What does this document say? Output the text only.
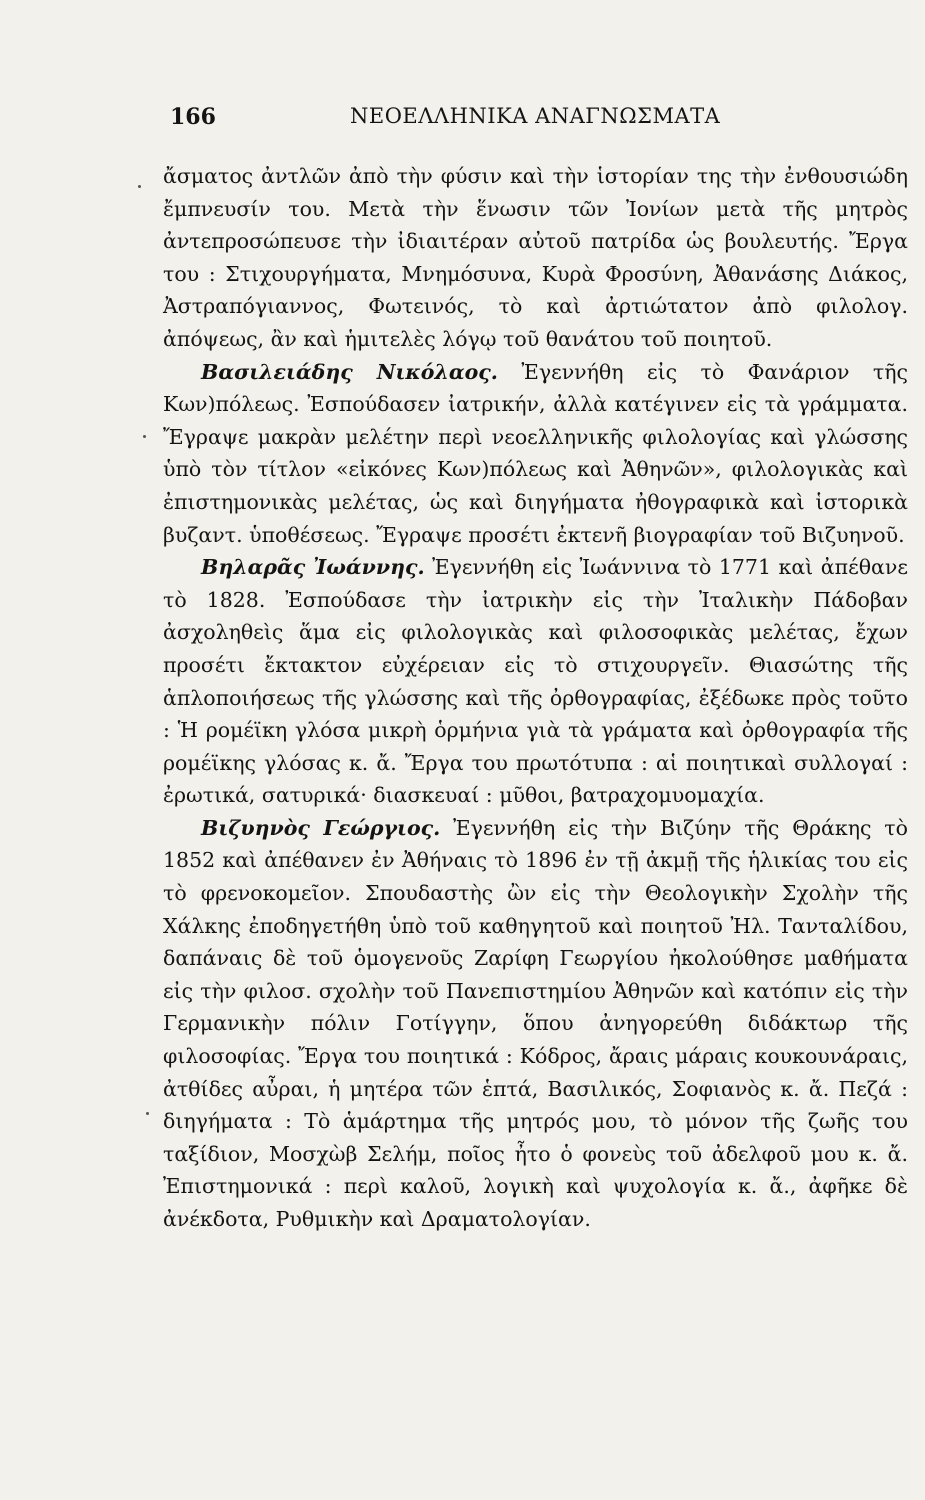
166	ΝΕΟΕΛΛΗΝΙΚΑ ΑΝΑΓΝΩΣΜΑΤΑ

ἄσματος ἀντλῶν ἀπὸ τὴν φύσιν καὶ τὴν ἱστορίαν της τὴν ἐνθουσιώδη ἔμπνευσίν του. Μετὰ τὴν ἕνωσιν τῶν Ἰονίων μετὰ τῆς μητρὸς ἀντεπροσώπευσε τὴν ἰδιαιτέραν αὐτοῦ πατρίδα ὡς βουλευτής. Ἔργα του : Στιχουργήματα, Μνημόσυνα, Κυρὰ Φροσύνη, Ἀθανάσης Διάκος, Ἀστραπόγιαννος, Φωτεινός, τὸ καὶ ἀρτιώτατον ἀπὸ φιλολογ. ἀπόψεως, ἂν καὶ ἡμιτελὲς λόγῳ τοῦ θανάτου τοῦ ποιητοῦ.

Βασιλειάδης Νικόλαος. Ἐγεννήθη εἰς τὸ Φανάριον τῆς Κων)πόλεως. Ἐσπούδασεν ἰατρικήν, ἀλλὰ κατέγινεν εἰς τὰ γράμματα. Ἔγραψε μακρὰν μελέτην περὶ νεοελληνικῆς φιλολογίας καὶ γλώσσης ὑπὸ τὸν τίτλον «εἰκόνες Κων)πόλεως καὶ Ἀθηνῶν», φιλολογικὰς καὶ ἐπιστημονικὰς μελέτας, ὡς καὶ διηγήματα ἠθογραφικὰ καὶ ἱστορικὰ βυζαντ. ὑποθέσεως. Ἔγραψε προσέτι ἐκτενῆ βιογραφίαν τοῦ Βιζυηνοῦ.

Βηλαρᾶς Ἰωάννης. Ἐγεννήθη εἰς Ἰωάννινα τὸ 1771 καὶ ἀπέθανε τὸ 1828. Ἐσπούδασε τὴν ἰατρικὴν εἰς τὴν Ἰταλικὴν Πάδοβαν ἀσχοληθεὶς ἅμα εἰς φιλολογικὰς καὶ φιλοσοφικὰς μελέτας, ἔχων προσέτι ἔκτακτον εὐχέρειαν εἰς τὸ στιχουργεῖν. Θιασώτης τῆς ἁπλοποιήσεως τῆς γλώσσης καὶ τῆς ὀρθογραφίας, ἐξέδωκε πρὸς τοῦτο : Ἡ ρομέϊκη γλόσα μικρὴ ὁρμήνια γιὰ τὰ γράματα καὶ ὀρθογραφία τῆς ρομέϊκης γλόσας κ. ἄ. Ἔργα του πρωτότυπα : αἱ ποιητικαὶ συλλογαί : ἐρωτικά, σατυρικά· διασκευαί : μῦθοι, βατραχομυομαχία.

Βιζυηνὸς Γεώργιος. Ἐγεννήθη εἰς τὴν Βιζύην τῆς Θράκης τὸ 1852 καὶ ἀπέθανεν ἐν Ἀθήναις τὸ 1896 ἐν τῇ ἀκμῇ τῆς ἡλικίας του εἰς τὸ φρενοκομεῖον. Σπουδαστὴς ὢν εἰς τὴν Θεολογικὴν Σχολὴν τῆς Χάλκης ἐποδηγετήθη ὑπὸ τοῦ καθηγητοῦ καὶ ποιητοῦ Ἠλ. Τανταλίδου, δαπάναις δὲ τοῦ ὁμογενοῦς Ζαρίφη Γεωργίου ἠκολούθησε μαθήματα εἰς τὴν φιλοσ. σχολὴν τοῦ Πανεπιστημίου Ἀθηνῶν καὶ κατόπιν εἰς τὴν Γερμανικὴν πόλιν Γοτίγγην, ὅπου ἀνηγορεύθη διδάκτωρ τῆς φιλοσοφίας. Ἔργα του ποιητικά : Κόδρος, ἄραις μάραις κουκουνάραις, ἀτθίδες αὖραι, ἡ μητέρα τῶν ἑπτά, Βασιλικός, Σοφιανὸς κ. ἄ. Πεζά : διηγήματα : Τὸ ἁμάρτημα τῆς μητρός μου, τὸ μόνον τῆς ζωῆς του ταξίδιον, Μοσχὼβ Σελήμ, ποῖος ἦτο ὁ φονεὺς τοῦ ἀδελφοῦ μου κ. ἄ. Ἐπιστημονικά : περὶ καλοῦ, λογικὴ καὶ ψυχολογία κ. ἄ., ἀφῆκε δὲ ἀνέκδοτα, Ρυθμικὴν καὶ Δραματολογίαν.
